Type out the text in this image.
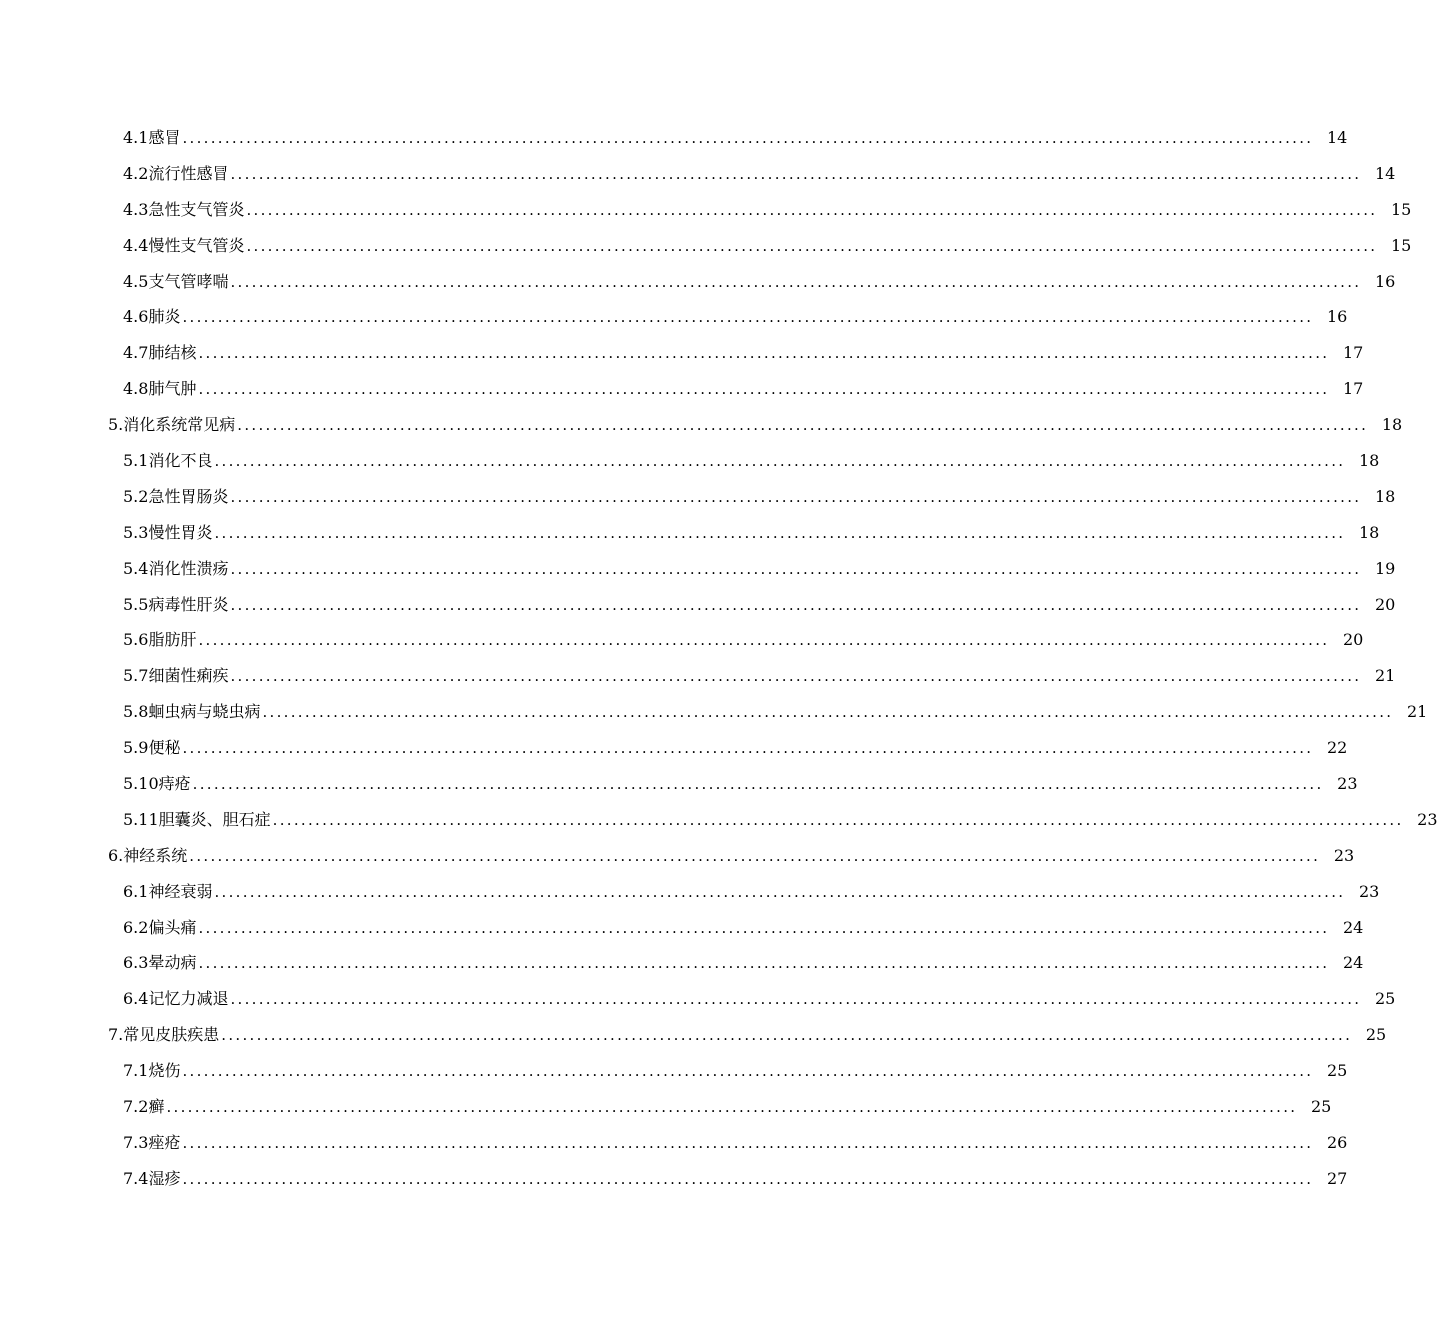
4.1感冒 ................................................................................................................................................................ 14
4.2流行性感冒 ................................................................................................................................................................ 14
4.3急性支气管炎 ................................................................................................................................................................ 15
4.4慢性支气管炎 ................................................................................................................................................................ 15
4.5支气管哮喘 ................................................................................................................................................................ 16
4.6肺炎 ................................................................................................................................................................ 16
4.7肺结核 ................................................................................................................................................................ 17
4.8肺气肿 ................................................................................................................................................................ 17
5.消化系统常见病 ................................................................................................................................................................ 18
5.1消化不良 ................................................................................................................................................................ 18
5.2急性胃肠炎 ................................................................................................................................................................ 18
5.3慢性胃炎 ................................................................................................................................................................ 18
5.4消化性溃疡 ................................................................................................................................................................ 19
5.5病毒性肝炎 ................................................................................................................................................................ 20
5.6脂肪肝 ................................................................................................................................................................ 20
5.7细菌性痢疾 ................................................................................................................................................................ 21
5.8蛔虫病与蛲虫病 ................................................................................................................................................................ 21
5.9便秘 ................................................................................................................................................................ 22
5.10痔疮 ................................................................................................................................................................ 23
5.11胆囊炎、胆石症 ................................................................................................................................................................ 23
6.神经系统 ................................................................................................................................................................ 23
6.1神经衰弱 ................................................................................................................................................................ 23
6.2偏头痛 ................................................................................................................................................................ 24
6.3晕动病 ................................................................................................................................................................ 24
6.4记忆力减退 ................................................................................................................................................................ 25
7.常见皮肤疾患 ................................................................................................................................................................ 25
7.1烧伤 ................................................................................................................................................................ 25
7.2癣 ................................................................................................................................................................ 25
7.3痤疮 ................................................................................................................................................................ 26
7.4湿疹 ................................................................................................................................................................ 27
